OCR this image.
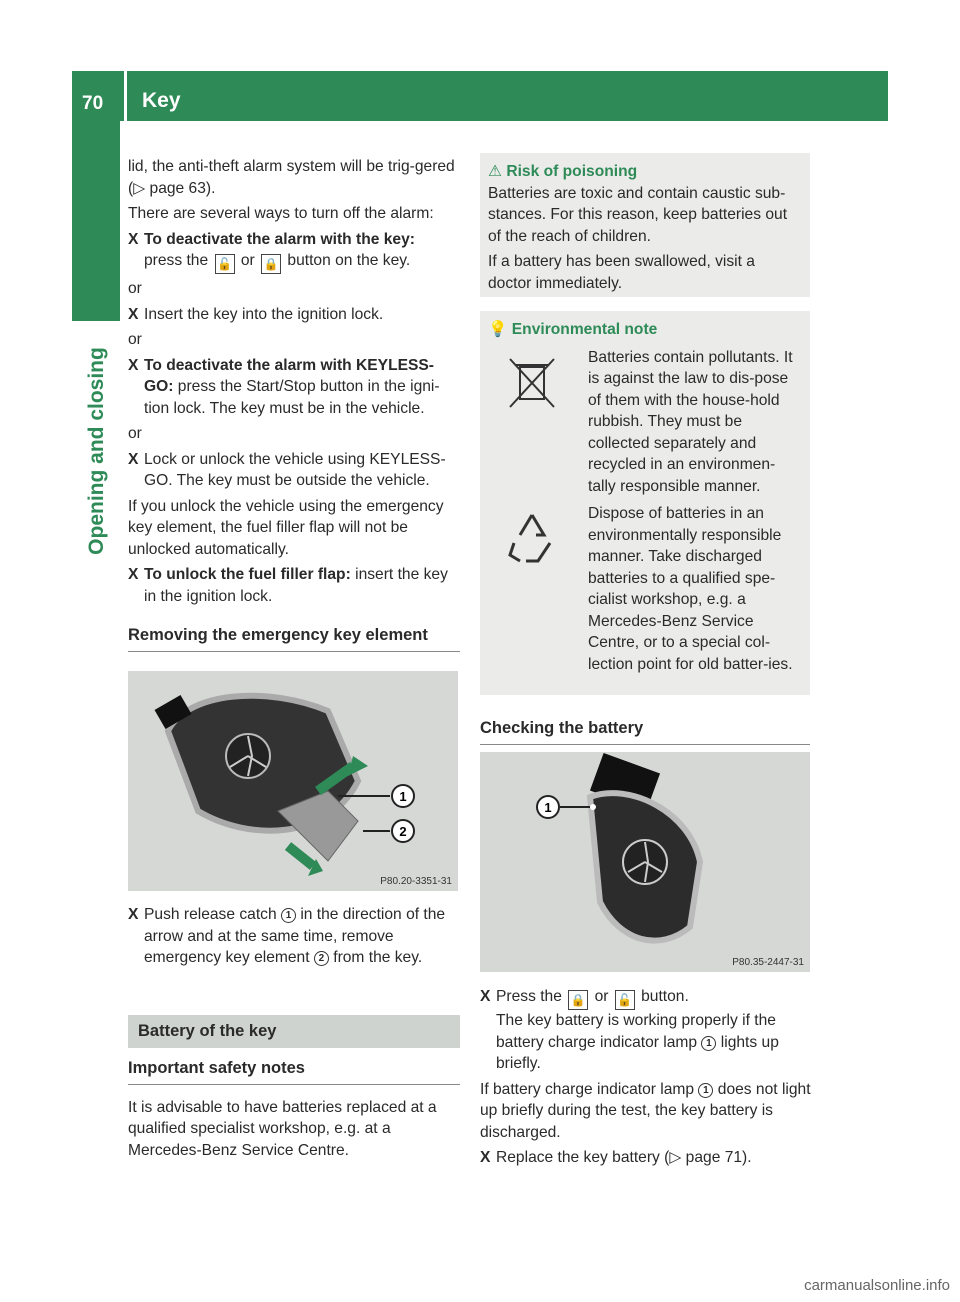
70 Key
Opening and closing

lid, the anti-theft alarm system will be trig-gered (▷ page 63).

There are several ways to turn off the alarm:

X To deactivate the alarm with the key:
press the 🔓 or 🔒 button on the key.

or

X Insert the key into the ignition lock.

or

X To deactivate the alarm with KEYLESS-GO: press the Start/Stop button in the igni-tion lock. The key must be in the vehicle.

or

X Lock or unlock the vehicle using KEYLESS-GO. The key must be outside the vehicle.

If you unlock the vehicle using the emergency key element, the fuel filler flap will not be unlocked automatically.

X To unlock the fuel filler flap: insert the key in the ignition lock.
Removing the emergency key element
1
2
P80.20-3351-31
X Push release catch 1 in the direction of the arrow and at the same time, remove emergency key element 2 from the key.
Battery of the key
Important safety notes

It is advisable to have batteries replaced at a qualified specialist workshop, e.g. at a Mercedes-Benz Service Centre.

⚠ Risk of poisoning

Batteries are toxic and contain caustic sub-stances. For this reason, keep batteries out of the reach of children.

If a battery has been swallowed, visit a doctor immediately.

💡 Environmental note

Batteries contain pollutants. It is against the law to dis-pose of them with the house-hold rubbish. They must be collected separately and recycled in an environmen-tally responsible manner.

Dispose of batteries in an environmentally responsible manner. Take discharged batteries to a qualified spe-cialist workshop, e.g. a Mercedes-Benz Service Centre, or to a special col-lection point for old batter-ies.

Checking the battery
1
P80.35-2447-31
X Press the 🔒 or 🔓 button.
The key battery is working properly if the battery charge indicator lamp 1 lights up briefly.

If battery charge indicator lamp 1 does not light up briefly during the test, the key battery is discharged.

X Replace the key battery (▷ page 71).
carmanualsonline.info
